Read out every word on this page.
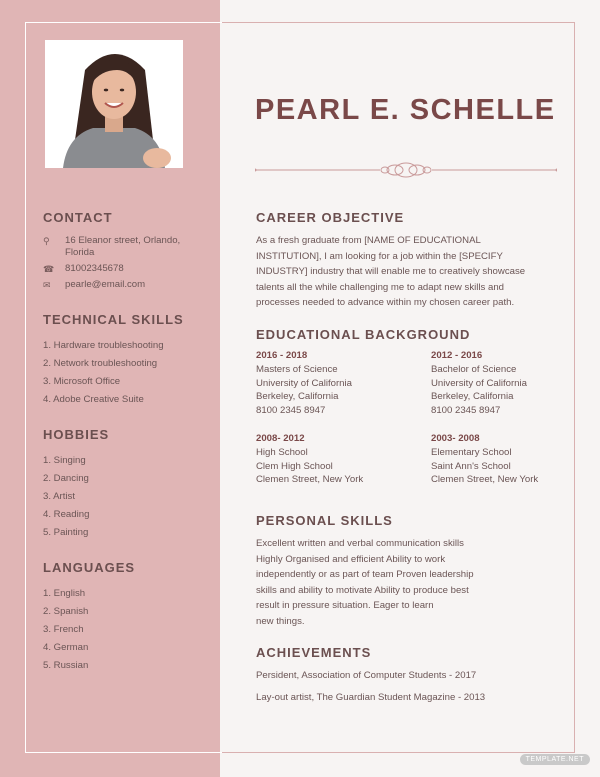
CONTACT
⚲	16 Eleanor street, Orlando,
Florida
☎	81002345678
✉	pearle@email.com
TECHNICAL SKILLS
1. Hardware troubleshooting
2. Network troubleshooting
3. Microsoft Office
4. Adobe Creative Suite
HOBBIES
1. Singing
2. Dancing
3. Artist
4. Reading
5. Painting
LANGUAGES
1. English
2. Spanish
3. French
4. German
5. Russian
PEARL E. SCHELLE
CAREER OBJECTIVE

As a fresh graduate from [NAME OF EDUCATIONAL
INSTITUTION], I am looking for a job within the [SPECIFY
INDUSTRY] industry that will enable me to creatively showcase
talents all the while challenging me to adapt new skills and
processes needed to advance within my chosen career path.

EDUCATIONAL BACKGROUND
2016 - 2018
Masters of Science
University of California
Berkeley, California
8100 2345 8947
2012 - 2016
Bachelor of Science
University of California
Berkeley, California
8100 2345 8947
2008- 2012
High School
Clem High School
Clemen Street, New York
2003- 2008
Elementary School
Saint Ann's School
Clemen Street, New York
PERSONAL SKILLS

Excellent written and verbal communication skills
Highly Organised and efficient Ability to work
independently or as part of team Proven leadership
skills and ability to motivate Ability to produce best
result in pressure situation. Eager to learn
new things.

ACHIEVEMENTS

Persident, Association of Computer Students - 2017
Lay-out artist, The Guardian Student Magazine - 2013

TEMPLATE.NET
